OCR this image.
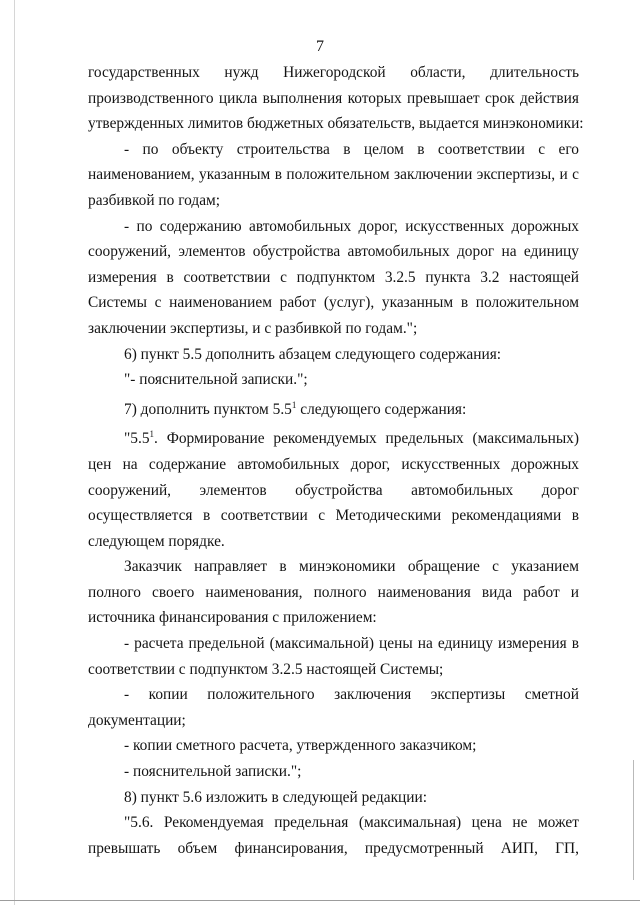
7

государственных нужд Нижегородской области, длительность

производственного цикла выполнения которых превышает срок действия

утвержденных лимитов бюджетных обязательств, выдается минэкономики:

- по объекту строительства в целом в соответствии с его

наименованием, указанным в положительном заключении экспертизы, и с

разбивкой по годам;

- по содержанию автомобильных дорог, искусственных дорожных

сооружений, элементов обустройства автомобильных дорог на единицу

измерения в соответствии с подпунктом 3.2.5 пункта 3.2 настоящей

Системы с наименованием работ (услуг), указанным в положительном

заключении экспертизы, и с разбивкой по годам.";

6) пункт 5.5 дополнить абзацем следующего содержания:

"- пояснительной записки.";

7) дополнить пунктом $5.5^1$ следующего содержания:

"$5.5^1$. Формирование рекомендуемых предельных (максимальных)

цен на содержание автомобильных дорог, искусственных дорожных

сооружений, элементов обустройства автомобильных дорог

осуществляется в соответствии с Методическими рекомендациями в

следующем порядке.

Заказчик направляет в минэкономики обращение с указанием

полного своего наименования, полного наименования вида работ и

источника финансирования с приложением:

- расчета предельной (максимальной) цены на единицу измерения в

соответствии с подпунктом 3.2.5 настоящей Системы;

- копии положительного заключения экспертизы сметной

документации;

- копии сметного расчета, утвержденного заказчиком;

- пояснительной записки.";

8) пункт 5.6 изложить в следующей редакции:

"5.6. Рекомендуемая предельная (максимальная) цена не может

превышать объем финансирования, предусмотренный АИП, ГП,
